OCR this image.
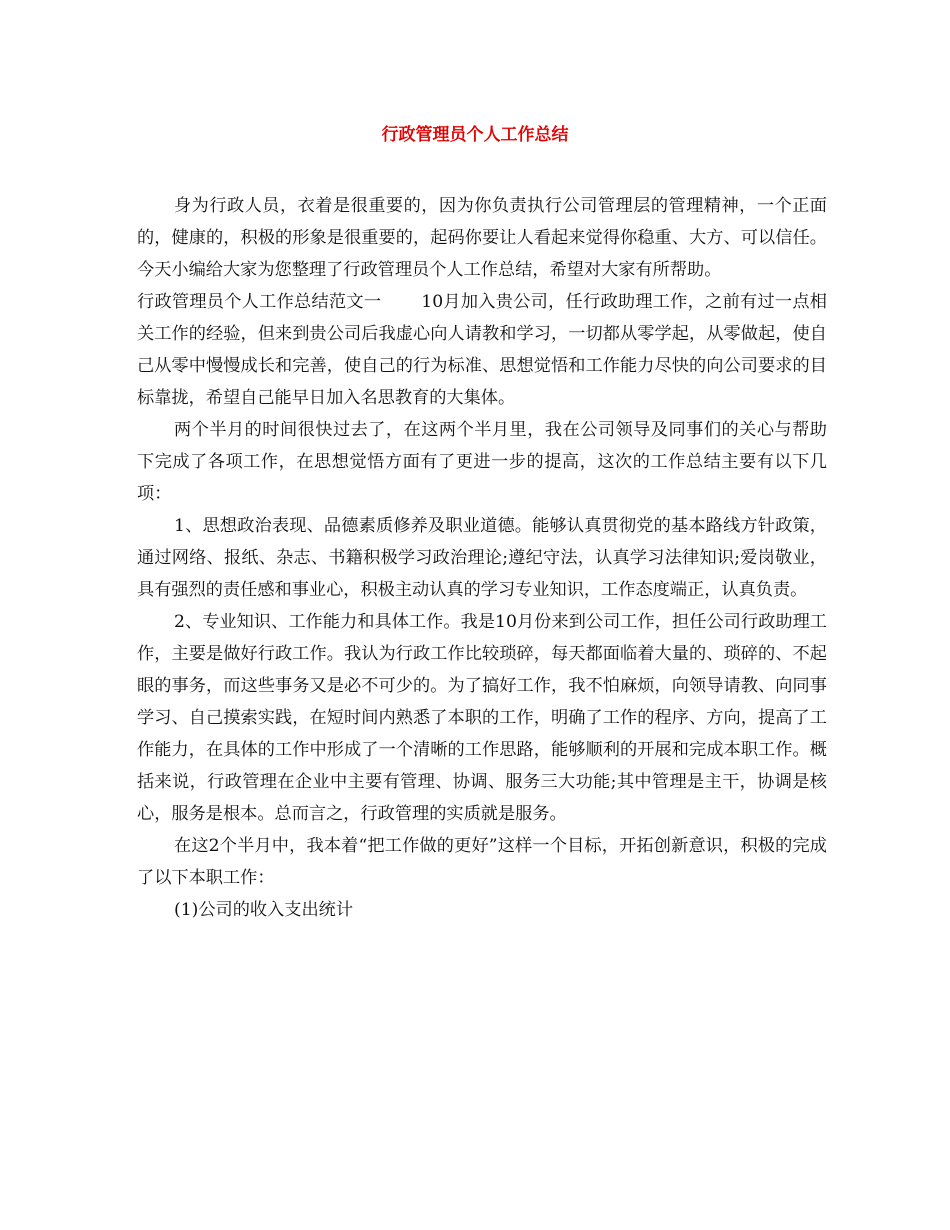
行政管理员个人工作总结

身为行政人员，衣着是很重要的，因为你负责执行公司管理层的管理精神，一个正面的，健康的，积极的形象是很重要的，起码你要让人看起来觉得你稳重、大方、可以信任。今天小编给大家为您整理了行政管理员个人工作总结，希望对大家有所帮助。

行政管理员个人工作总结范文一 10月加入贵公司，任行政助理工作，之前有过一点相关工作的经验，但来到贵公司后我虚心向人请教和学习，一切都从零学起，从零做起，使自己从零中慢慢成长和完善，使自己的行为标准、思想觉悟和工作能力尽快的向公司要求的目标靠拢，希望自己能早日加入名思教育的大集体。

两个半月的时间很快过去了，在这两个半月里，我在公司领导及同事们的关心与帮助下完成了各项工作，在思想觉悟方面有了更进一步的提高，这次的工作总结主要有以下几项：

1、思想政治表现、品德素质修养及职业道德。能够认真贯彻党的基本路线方针政策，通过网络、报纸、杂志、书籍积极学习政治理论;遵纪守法，认真学习法律知识;爱岗敬业，具有强烈的责任感和事业心，积极主动认真的学习专业知识，工作态度端正，认真负责。

2、专业知识、工作能力和具体工作。我是10月份来到公司工作，担任公司行政助理工作，主要是做好行政工作。我认为行政工作比较琐碎，每天都面临着大量的、琐碎的、不起眼的事务，而这些事务又是必不可少的。为了搞好工作，我不怕麻烦，向领导请教、向同事学习、自己摸索实践，在短时间内熟悉了本职的工作，明确了工作的程序、方向，提高了工作能力，在具体的工作中形成了一个清晰的工作思路，能够顺利的开展和完成本职工作。概括来说，行政管理在企业中主要有管理、协调、服务三大功能;其中管理是主干，协调是核心，服务是根本。总而言之，行政管理的实质就是服务。

在这2个半月中，我本着“把工作做的更好”这样一个目标，开拓创新意识，积极的完成了以下本职工作：

(1)公司的收入支出统计
